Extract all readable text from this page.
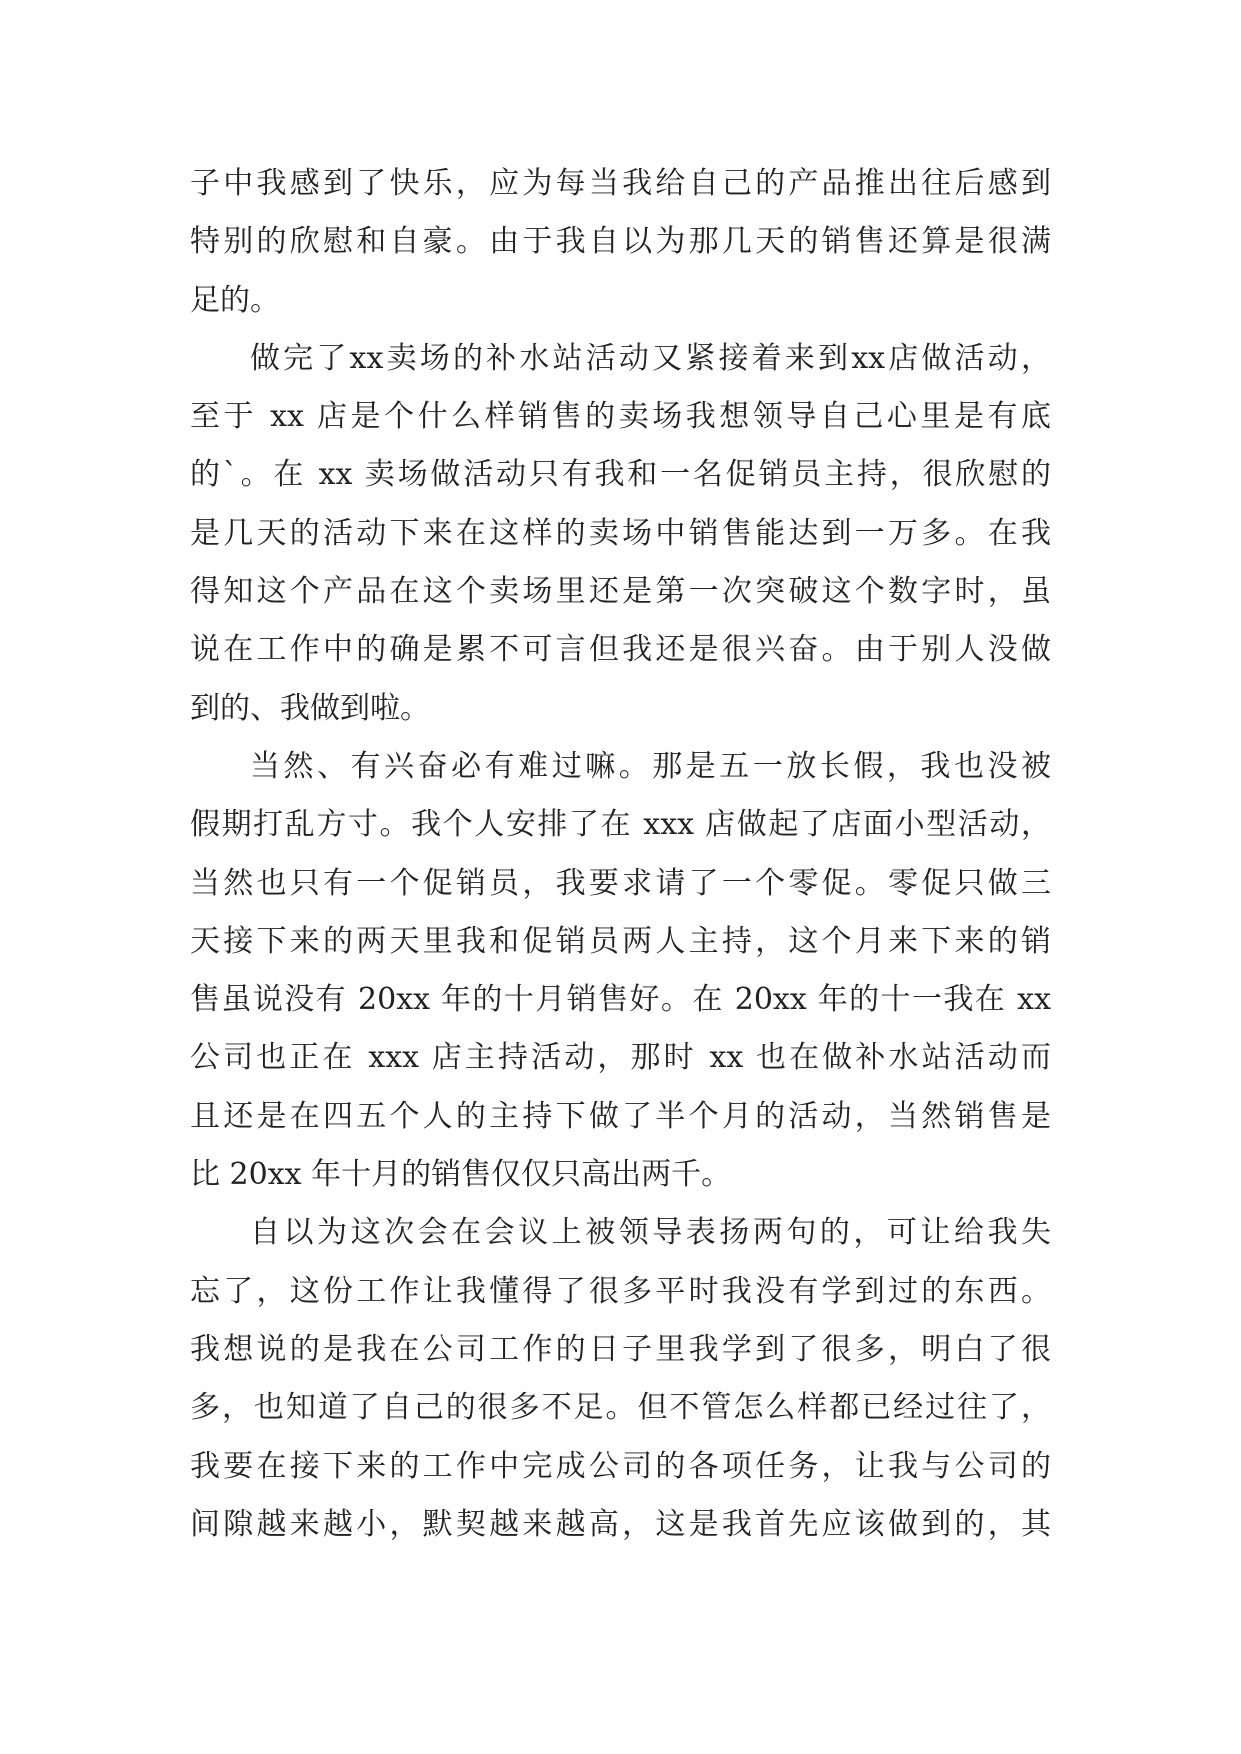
子中我感到了快乐，应为每当我给自己的产品推出往后感到
特别的欣慰和自豪。由于我自以为那几天的销售还算是很满
足的。
做完了xx卖场的补水站活动又紧接着来到xx店做活动，
至于 xx 店是个什么样销售的卖场我想领导自己心里是有底
的`。在 xx 卖场做活动只有我和一名促销员主持，很欣慰的
是几天的活动下来在这样的卖场中销售能达到一万多。在我
得知这个产品在这个卖场里还是第一次突破这个数字时，虽
说在工作中的确是累不可言但我还是很兴奋。由于别人没做
到的、我做到啦。
当然、有兴奋必有难过嘛。那是五一放长假，我也没被
假期打乱方寸。我个人安排了在 xxx 店做起了店面小型活动，
当然也只有一个促销员，我要求请了一个零促。零促只做三
天接下来的两天里我和促销员两人主持，这个月来下来的销
售虽说没有 20xx 年的十月销售好。在 20xx 年的十一我在 xx
公司也正在 xxx 店主持活动，那时 xx 也在做补水站活动而
且还是在四五个人的主持下做了半个月的活动，当然销售是
比 20xx 年十月的销售仅仅只高出两千。
自以为这次会在会议上被领导表扬两句的，可让给我失
忘了，这份工作让我懂得了很多平时我没有学到过的东西。
我想说的是我在公司工作的日子里我学到了很多，明白了很
多，也知道了自己的很多不足。但不管怎么样都已经过往了，
我要在接下来的工作中完成公司的各项任务，让我与公司的
间隙越来越小，默契越来越高，这是我首先应该做到的，其
